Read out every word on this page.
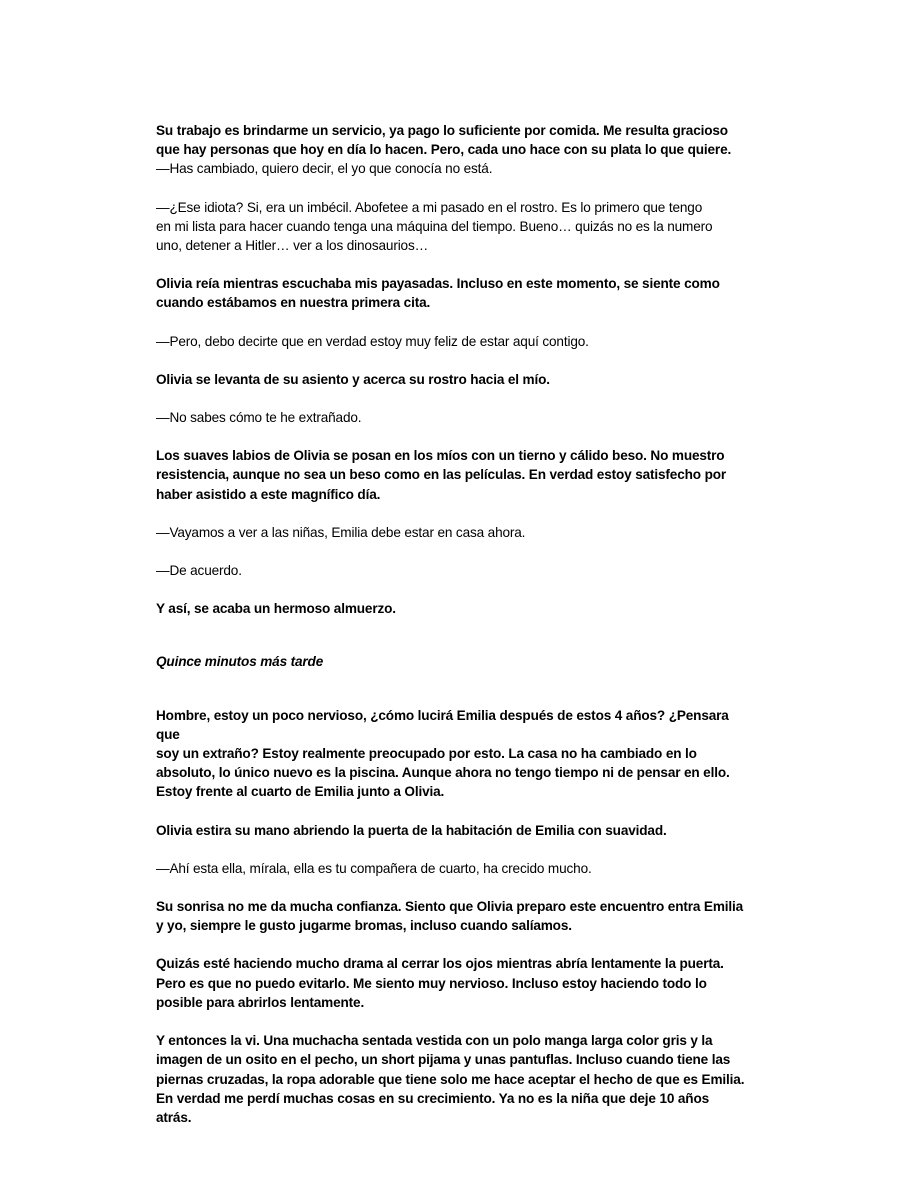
Su trabajo es brindarme un servicio, ya pago lo suficiente por comida. Me resulta gracioso

que hay personas que hoy en día lo hacen. Pero, cada uno hace con su plata lo que quiere.

—Has cambiado, quiero decir, el yo que conocía no está.

—¿Ese idiota? Si, era un imbécil. Abofetee a mi pasado en el rostro. Es lo primero que tengo

en mi lista para hacer cuando tenga una máquina del tiempo. Bueno… quizás no es la numero

uno, detener a Hitler… ver a los dinosaurios…

Olivia reía mientras escuchaba mis payasadas. Incluso en este momento, se siente como

cuando estábamos en nuestra primera cita.

—Pero, debo decirte que en verdad estoy muy feliz de estar aquí contigo.

Olivia se levanta de su asiento y acerca su rostro hacia el mío.

—No sabes cómo te he extrañado.

Los suaves labios de Olivia se posan en los míos con un tierno y cálido beso. No muestro

resistencia, aunque no sea un beso como en las películas. En verdad estoy satisfecho por

haber asistido a este magnífico día.

—Vayamos a ver a las niñas, Emilia debe estar en casa ahora.

—De acuerdo.

Y así, se acaba un hermoso almuerzo.

Quince minutos más tarde

Hombre, estoy un poco nervioso, ¿cómo lucirá Emilia después de estos 4 años? ¿Pensara que

soy un extraño? Estoy realmente preocupado por esto. La casa no ha cambiado en lo

absoluto, lo único nuevo es la piscina. Aunque ahora no tengo tiempo ni de pensar en ello.

Estoy frente al cuarto de Emilia junto a Olivia.

Olivia estira su mano abriendo la puerta de la habitación de Emilia con suavidad.

—Ahí esta ella, mírala, ella es tu compañera de cuarto, ha crecido mucho.

Su sonrisa no me da mucha confianza. Siento que Olivia preparo este encuentro entra Emilia

y yo, siempre le gusto jugarme bromas, incluso cuando salíamos.

Quizás esté haciendo mucho drama al cerrar los ojos mientras abría lentamente la puerta.

Pero es que no puedo evitarlo. Me siento muy nervioso. Incluso estoy haciendo todo lo

posible para abrirlos lentamente.

Y entonces la vi. Una muchacha sentada vestida con un polo manga larga color gris y la

imagen de un osito en el pecho, un short pijama y unas pantuflas. Incluso cuando tiene las

piernas cruzadas, la ropa adorable que tiene solo me hace aceptar el hecho de que es Emilia.

En verdad me perdí muchas cosas en su crecimiento. Ya no es la niña que deje 10 años atrás.
